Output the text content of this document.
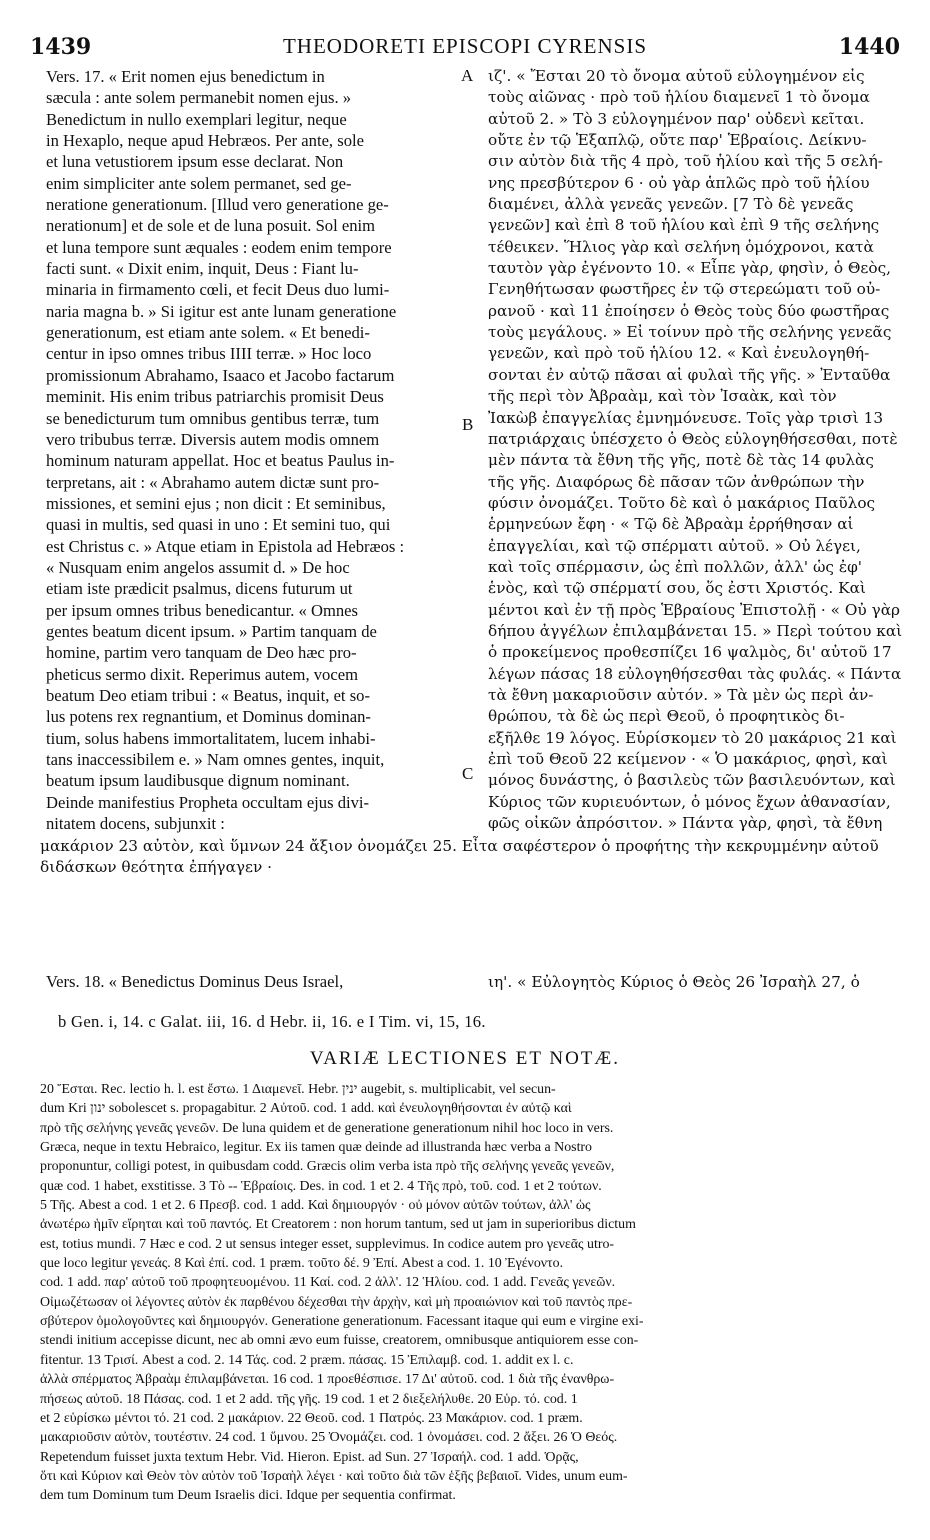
1439	THEODORETI EPISCOPI CYRENSIS	1440
A
B
C
Vers. 17. « Erit nomen ejus benedictum in
sæcula : ante solem permanebit nomen ejus. »
Benedictum in nullo exemplari legitur, neque
in Hexaplo, neque apud Hebræos. Per ante, sole
et luna vetustiorem ipsum esse declarat. Non
enim simpliciter ante solem permanet, sed ge-
neratione generationum. [Illud vero generatione ge-
nerationum] et de sole et de luna posuit. Sol enim
et luna tempore sunt æquales : eodem enim tempore
facti sunt. « Dixit enim, inquit, Deus : Fiant lu-
minaria in firmamento cœli, et fecit Deus duo lumi-
naria magna b. » Si igitur est ante lunam generatione
generationum, est etiam ante solem. « Et benedi-
centur in ipso omnes tribus IIII terræ. » Hoc loco
promissionum Abrahamo, Isaaco et Jacobo factarum
meminit. His enim tribus patriarchis promisit Deus
se benedicturum tum omnibus gentibus terræ, tum
vero tribubus terræ. Diversis autem modis omnem
hominum naturam appellat. Hoc et beatus Paulus in-
terpretans, ait : « Abrahamo autem dictæ sunt pro-
missiones, et semini ejus ; non dicit : Et seminibus,
quasi in multis, sed quasi in uno : Et semini tuo, qui
est Christus c. » Atque etiam in Epistola ad Hebræos :
« Nusquam enim angelos assumit d. » De hoc
etiam iste prædicit psalmus, dicens futurum ut
per ipsum omnes tribus benedicantur. « Omnes
gentes beatum dicent ipsum. » Partim tanquam de
homine, partim vero tanquam de Deo hæc pro-
pheticus sermo dixit. Reperimus autem, vocem
beatum Deo etiam tribui : « Beatus, inquit, et so-
lus potens rex regnantium, et Dominus dominan-
tium, solus habens immortalitatem, lucem inhabi-
tans inaccessibilem e. » Nam omnes gentes, inquit,
beatum ipsum laudibusque dignum nominant.
Deinde manifestius Propheta occultam ejus divi-
nitatem docens, subjunxit :
ιζ'. « Ἔσται 20 τὸ ὄνομα αὐτοῦ εὐλογημένον εἰς
τοὺς αἰῶνας · πρὸ τοῦ ἡλίου διαμενεῖ 1 τὸ ὄνομα
αὐτοῦ 2. » Τὸ 3 εὐλογημένον παρ' οὐδενὶ κεῖται.
οὔτε ἐν τῷ Ἑξαπλῷ, οὔτε παρ' Ἑβραίοις. Δείκνυ-
σιν αὐτὸν διὰ τῆς 4 πρὸ, τοῦ ἡλίου καὶ τῆς 5 σελή-
νης πρεσβύτερον 6 · οὐ γὰρ ἁπλῶς πρὸ τοῦ ἡλίου
διαμένει, ἀλλὰ γενεᾶς γενεῶν. [7 Τὸ δὲ γενεᾶς
γενεῶν] καὶ ἐπὶ 8 τοῦ ἡλίου καὶ ἐπὶ 9 τῆς σελήνης
τέθεικεν. Ἥλιος γὰρ καὶ σελήνη ὁμόχρονοι, κατὰ
ταυτὸν γὰρ ἐγένοντο 10. « Εἶπε γὰρ, φησὶν, ὁ Θεὸς,
Γενηθήτωσαν φωστῆρες ἐν τῷ στερεώματι τοῦ οὐ-
ρανοῦ · καὶ 11 ἐποίησεν ὁ Θεὸς τοὺς δύο φωστῆρας
τοὺς μεγάλους. » Εἰ τοίνυν πρὸ τῆς σελήνης γενεᾶς
γενεῶν, καὶ πρὸ τοῦ ἡλίου 12. « Καὶ ἐνευλογηθή-
σονται ἐν αὐτῷ πᾶσαι αἱ φυλαὶ τῆς γῆς. » Ἐνταῦθα
τῆς περὶ τὸν Ἀβραὰμ, καὶ τὸν Ἰσαὰκ, καὶ τὸν
Ἰακὼβ ἐπαγγελίας ἐμνημόνευσε. Τοῖς γὰρ τρισὶ 13
πατριάρχαις ὑπέσχετο ὁ Θεὸς εὐλογηθήσεσθαι, ποτὲ
μὲν πάντα τὰ ἔθνη τῆς γῆς, ποτὲ δὲ τὰς 14 φυλὰς
τῆς γῆς. Διαφόρως δὲ πᾶσαν τῶν ἀνθρώπων τὴν
φύσιν ὀνομάζει. Τοῦτο δὲ καὶ ὁ μακάριος Παῦλος
ἑρμηνεύων ἔφη · « Τῷ δὲ Ἀβραὰμ ἐρρήθησαν αἱ
ἐπαγγελίαι, καὶ τῷ σπέρματι αὐτοῦ. » Οὐ λέγει,
καὶ τοῖς σπέρμασιν, ὡς ἐπὶ πολλῶν, ἀλλ' ὡς ἐφ'
ἑνὸς, καὶ τῷ σπέρματί σου, ὅς ἐστι Χριστός. Καὶ
μέντοι καὶ ἐν τῇ πρὸς Ἑβραίους Ἐπιστολῇ · « Οὐ γὰρ
δήπου ἀγγέλων ἐπιλαμβάνεται 15. » Περὶ τούτου καὶ
ὁ προκείμενος προθεσπίζει 16 ψαλμὸς, δι' αὐτοῦ 17
λέγων πάσας 18 εὐλογηθήσεσθαι τὰς φυλάς. « Πάντα
τὰ ἔθνη μακαριοῦσιν αὐτόν. » Τὰ μὲν ὡς περὶ ἀν-
θρώπου, τὰ δὲ ὡς περὶ Θεοῦ, ὁ προφητικὸς δι-
εξῆλθε 19 λόγος. Εὑρίσκομεν τὸ 20 μακάριος 21 καὶ
ἐπὶ τοῦ Θεοῦ 22 κείμενον · « Ὁ μακάριος, φησὶ, καὶ
μόνος δυνάστης, ὁ βασιλεὺς τῶν βασιλευόντων, καὶ
Κύριος τῶν κυριευόντων, ὁ μόνος ἔχων ἀθανασίαν,
φῶς οἰκῶν ἀπρόσιτον. » Πάντα γὰρ, φησὶ, τὰ ἔθνη
μακάριον 23 αὐτὸν, καὶ ὕμνων 24 ἄξιον ὀνομάζει 25. Εἶτα σαφέστερον ὁ προφήτης τὴν κεκρυμμένην αὐτοῦ
διδάσκων θεότητα ἐπήγαγεν ·
Vers. 18. « Benedictus Dominus Deus Israel,	ιη'. « Εὐλογητὸς Κύριος ὁ Θεὸς 26 Ἰσραὴλ 27, ὁ
b Gen. i, 14. c Galat. iii, 16. d Hebr. ii, 16. e I Tim. vi, 15, 16.
VARIÆ LECTIONES ET NOTÆ.
20 Ἔσται. Rec. lectio h. l. est ἔστω. 1 Διαμενεῖ. Hebr. ינין augebit, s. multiplicabit, vel secun-
dum Kri ינון sobolescet s. propagabitur. 2 Αὐτοῦ. cod. 1 add. καὶ ἐνευλογηθήσονται ἐν αὐτῷ καὶ
πρὸ τῆς σελήνης γενεᾶς γενεῶν. De luna quidem et de generatione generationum nihil hoc loco in vers.
Græca, neque in textu Hebraico, legitur. Ex iis tamen quæ deinde ad illustranda hæc verba a Nostro
proponuntur, colligi potest, in quibusdam codd. Græcis olim verba ista πρὸ τῆς σελήνης γενεᾶς γενεῶν,
quæ cod. 1 habet, exstitisse. 3 Τὸ -- Ἑβραίοις. Des. in cod. 1 et 2. 4 Τῆς πρὸ, τοῦ. cod. 1 et 2 τούτων.
5 Τῆς. Abest a cod. 1 et 2. 6 Πρεσβ. cod. 1 add. Καὶ δημιουργόν · οὐ μόνον αὐτῶν τούτων, ἀλλ' ὡς
ἀνωτέρω ἡμῖν εἴρηται καὶ τοῦ παντός. Et Creatorem : non horum tantum, sed ut jam in superioribus dictum
est, totius mundi. 7 Hæc e cod. 2 ut sensus integer esset, supplevimus. In codice autem pro γενεᾶς utro-
que loco legitur γενεάς. 8 Καὶ ἐπί. cod. 1 præm. τοῦτο δέ. 9 Ἐπί. Abest a cod. 1. 10 Ἐγένοντο.
cod. 1 add. παρ' αὐτοῦ τοῦ προφητευομένου. 11 Καί. cod. 2 ἀλλ'. 12 Ἡλίου. cod. 1 add. Γενεᾶς γενεῶν.
Οἰμωζέτωσαν οἱ λέγοντες αὐτὸν ἐκ παρθένου δέχεσθαι τὴν ἀρχὴν, καὶ μὴ προαιώνιον καὶ τοῦ παντὸς πρε-
σβύτερον ὁμολογοῦντες καὶ δημιουργόν. Generatione generationum. Facessant itaque qui eum e virgine exi-
stendi initium accepisse dicunt, nec ab omni ævo eum fuisse, creatorem, omnibusque antiquiorem esse con-
fitentur. 13 Τρισί. Abest a cod. 2. 14 Τάς. cod. 2 præm. πάσας. 15 Ἐπιλαμβ. cod. 1. addit ex l. c.
ἀλλὰ σπέρματος Ἀβραὰμ ἐπιλαμβάνεται. 16 cod. 1 προεθέσπισε. 17 Δι' αὐτοῦ. cod. 1 διὰ τῆς ἐνανθρω-
πήσεως αὐτοῦ. 18 Πάσας. cod. 1 et 2 add. τῆς γῆς. 19 cod. 1 et 2 διεξελήλυθε. 20 Εὑρ. τό. cod. 1
et 2 εὑρίσκω μέντοι τό. 21 cod. 2 μακάριον. 22 Θεοῦ. cod. 1 Πατρός. 23 Μακάριον. cod. 1 præm.
μακαριοῦσιν αὐτὸν, τουτέστιν. 24 cod. 1 ὕμνου. 25 Ὀνομάζει. cod. 1 ὀνομάσει. cod. 2 ἄξει. 26 Ὁ Θεός.
Repetendum fuisset juxta textum Hebr. Vid. Hieron. Epist. ad Sun. 27 Ἰσραήλ. cod. 1 add. Ὁρᾷς,
ὅτι καὶ Κύριον καὶ Θεὸν τὸν αὐτὸν τοῦ Ἰσραὴλ λέγει · καὶ τοῦτο διὰ τῶν ἑξῆς βεβαιοῖ. Vides, unum eum-
dem tum Dominum tum Deum Israelis dici. Idque per sequentia confirmat.
